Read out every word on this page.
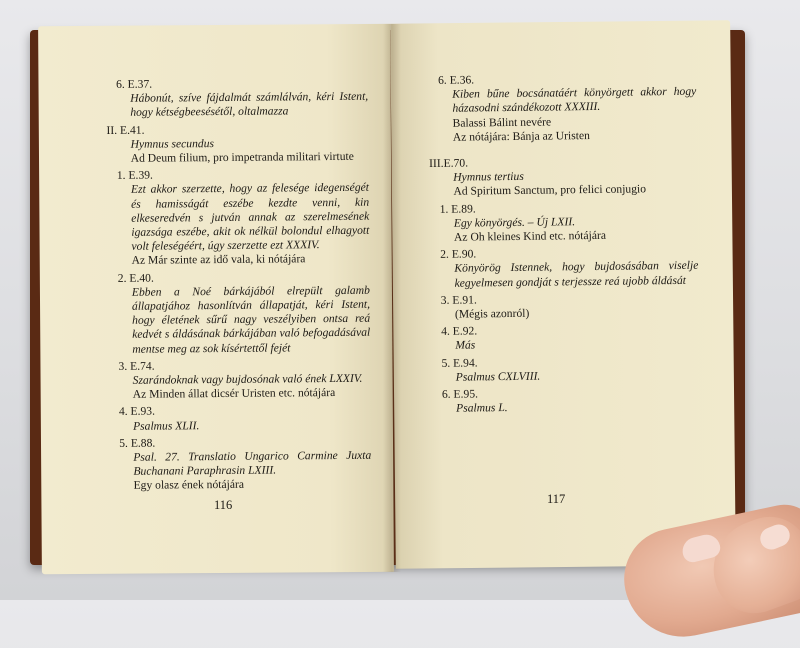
6. E.37.
Hábonút, szíve fájdalmát számlálván, kéri Istent, hogy kétségbeesésétől, oltalmazza
II. E.41.
Hymnus secundus
Ad Deum filium, pro impetranda militari virtute
1. E.39.
Ezt akkor szerzette, hogy az felesége idegenségét és hamisságát eszébe kezdte venni, kin elkeseredvén s jutván annak az szerelmesének igazsága eszébe, akit ok nélkül bolondul elhagyott volt feleségéért, úgy szerzette ezt XXXIV.
Az Már szinte az idő vala, ki nótájára
2. E.40.
Ebben a Noé bárkájából elrepült galamb állapatjához hasonlítván állapatját, kéri Istent, hogy életének sűrű nagy veszélyiben ontsa reá kedvét s áldásának bárkájában való befogadásával mentse meg az sok kísértettől fejét
3. E.74.
Szarándoknak vagy bujdosónak való ének LXXIV.
Az Minden állat dicsér Uristen etc. nótájára
4. E.93.
Psalmus XLII.
5. E.88.
Psal. 27. Translatio Ungarico Carmine Juxta Buchanani Paraphrasin LXIII.
Egy olasz ének nótájára
6. E.36.
Kiben bűne bocsánatáért könyörgett akkor hogy házasodni szándékozott XXXIII.
Balassi Bálint nevére
Az nótájára: Bánja az Uristen
III.E.70.
Hymnus tertius
Ad Spiritum Sanctum, pro felici conjugio
1. E.89.
Egy könyörgés. – Új LXII.
Az Oh kleines Kind etc. nótájára
2. E.90.
Könyörög Istennek, hogy bujdosásában viselje kegyelmesen gondját s terjessze reá ujobb áldását
3. E.91.
(Mégis azonról)
4. E.92.
Más
5. E.94.
Psalmus CXLVIII.
6. E.95.
Psalmus L.
116	117
